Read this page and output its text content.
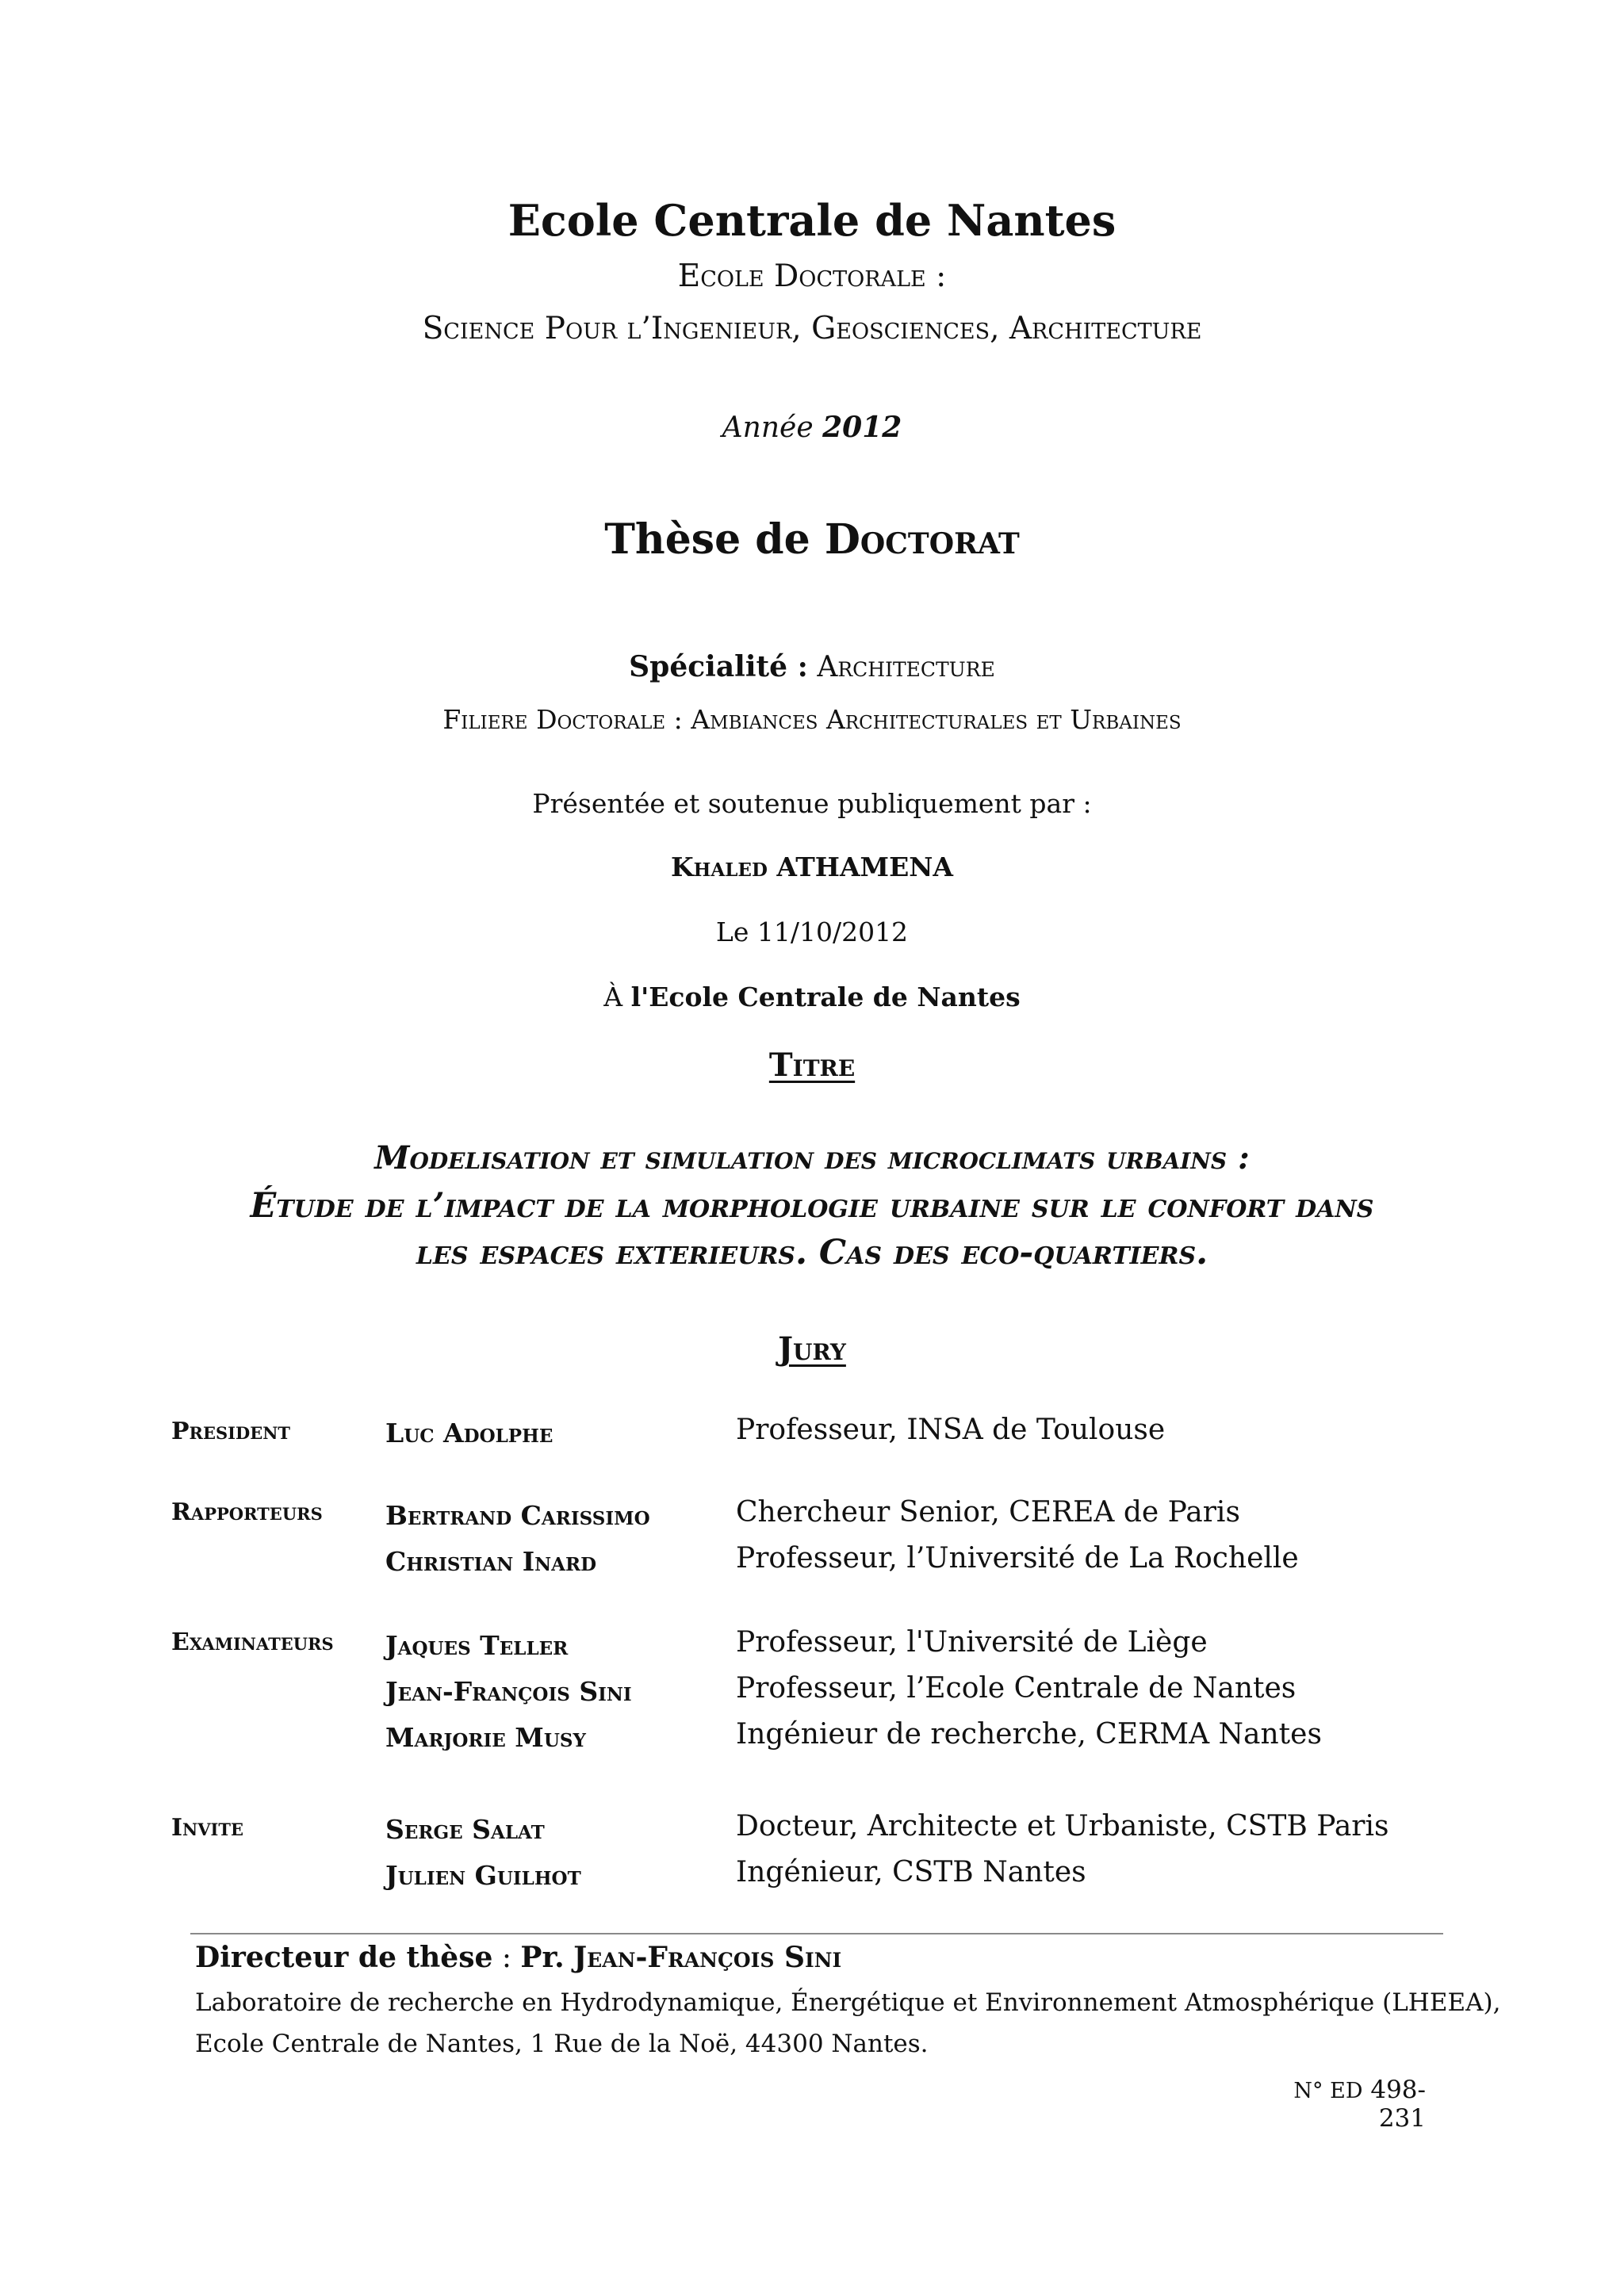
Ecole Centrale de Nantes
Ecole Doctorale :
Science Pour l’Ingenieur, Geosciences, Architecture
Année 2012
Thèse de Doctorat
Spécialité : Architecture
Filiere Doctorale : Ambiances Architecturales et Urbaines
Présentée et soutenue publiquement par :
Khaled ATHAMENA
Le 11/10/2012
À l'Ecole Centrale de Nantes
Titre
Modelisation et simulation des microclimats urbains :
Étude de l’impact de la morphologie urbaine sur le confort dans
les espaces exterieurs. Cas des eco-quartiers.
Jury
President	Luc Adolphe	Professeur, INSA de Toulouse
Rapporteurs Bertrand Carissimo	Chercheur Senior, CEREA de Paris
Christian Inard	Professeur, l’Université de La Rochelle
Examinateurs Jaques Teller	Professeur, l'Université de Liège
Jean-François Sini	Professeur, l’Ecole Centrale de Nantes
Marjorie Musy	Ingénieur de recherche, CERMA Nantes
Invite	Serge Salat	Docteur, Architecte et Urbaniste, CSTB Paris
Julien Guilhot	Ingénieur, CSTB Nantes
Directeur de thèse : Pr. Jean-François Sini
Laboratoire de recherche en Hydrodynamique, Énergétique et Environnement Atmosphérique (LHEEA),
Ecole Centrale de Nantes, 1 Rue de la Noë, 44300 Nantes.
N° ED 498-231
